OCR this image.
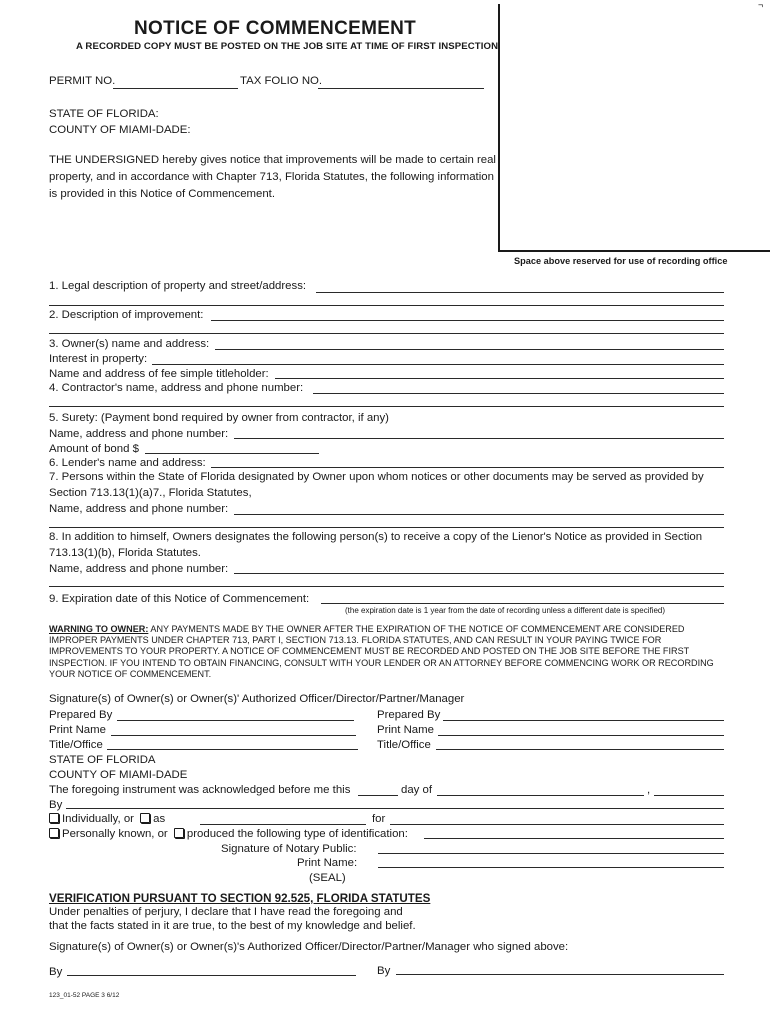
NOTICE OF COMMENCEMENT
A RECORDED COPY MUST BE POSTED ON THE JOB SITE AT TIME OF FIRST INSPECTION
¬
Space above reserved for use of recording office
PERMIT NO.	TAX FOLIO NO.
STATE OF FLORIDA:
COUNTY OF MIAMI-DADE:
THE UNDERSIGNED hereby gives notice that improvements will be made to certain real
property, and in accordance with Chapter 713, Florida Statutes, the following information
is provided in this Notice of Commencement.
1. Legal description of property and street/address:
2. Description of improvement:
3. Owner(s) name and address:
Interest in property:
Name and address of fee simple titleholder:
4. Contractor's name, address and phone number:
5. Surety: (Payment bond required by owner from contractor, if any)
Name, address and phone number:
Amount of bond $
6. Lender's name and address:
7. Persons within the State of Florida designated by Owner upon whom notices or other documents may be served as provided by
Section 713.13(1)(a)7., Florida Statutes,
Name, address and phone number:
8. In addition to himself, Owners designates the following person(s) to receive a copy of the Lienor's Notice as provided in Section
713.13(1)(b), Florida Statutes.
Name, address and phone number:
9. Expiration date of this Notice of Commencement:
(the expiration date is 1 year from the date of recording unless a different date is specified)
WARNING TO OWNER: ANY PAYMENTS MADE BY THE OWNER AFTER THE EXPIRATION OF THE NOTICE OF COMMENCEMENT ARE CONSIDERED IMPROPER PAYMENTS UNDER CHAPTER 713, PART I, SECTION 713.13. FLORIDA STATUTES, AND CAN RESULT IN YOUR PAYING TWICE FOR IMPROVEMENTS TO YOUR PROPERTY. A NOTICE OF COMMENCEMENT MUST BE RECORDED AND POSTED ON THE JOB SITE BEFORE THE FIRST INSPECTION. IF YOU INTEND TO OBTAIN FINANCING, CONSULT WITH YOUR LENDER OR AN ATTORNEY BEFORE COMMENCING WORK OR RECORDING YOUR NOTICE OF COMMENCEMENT.
Signature(s) of Owner(s) or Owner(s)' Authorized Officer/Director/Partner/Manager
Prepared By	Prepared By
Print Name	Print Name
Title/Office	Title/Office
STATE OF FLORIDA
COUNTY OF MIAMI-DADE
The foregoing instrument was acknowledged before me this	day of	,
By
Individually, or as	for
Personally known, or produced the following type of identification:
Signature of Notary Public:
Print Name:
(SEAL)
VERIFICATION PURSUANT TO SECTION 92.525, FLORIDA STATUTES
Under penalties of perjury, I declare that I have read the foregoing and
that the facts stated in it are true, to the best of my knowledge and belief.
Signature(s) of Owner(s) or Owner(s)'s Authorized Officer/Director/Partner/Manager who signed above:
By	By
123_01-52 PAGE 3 6/12
